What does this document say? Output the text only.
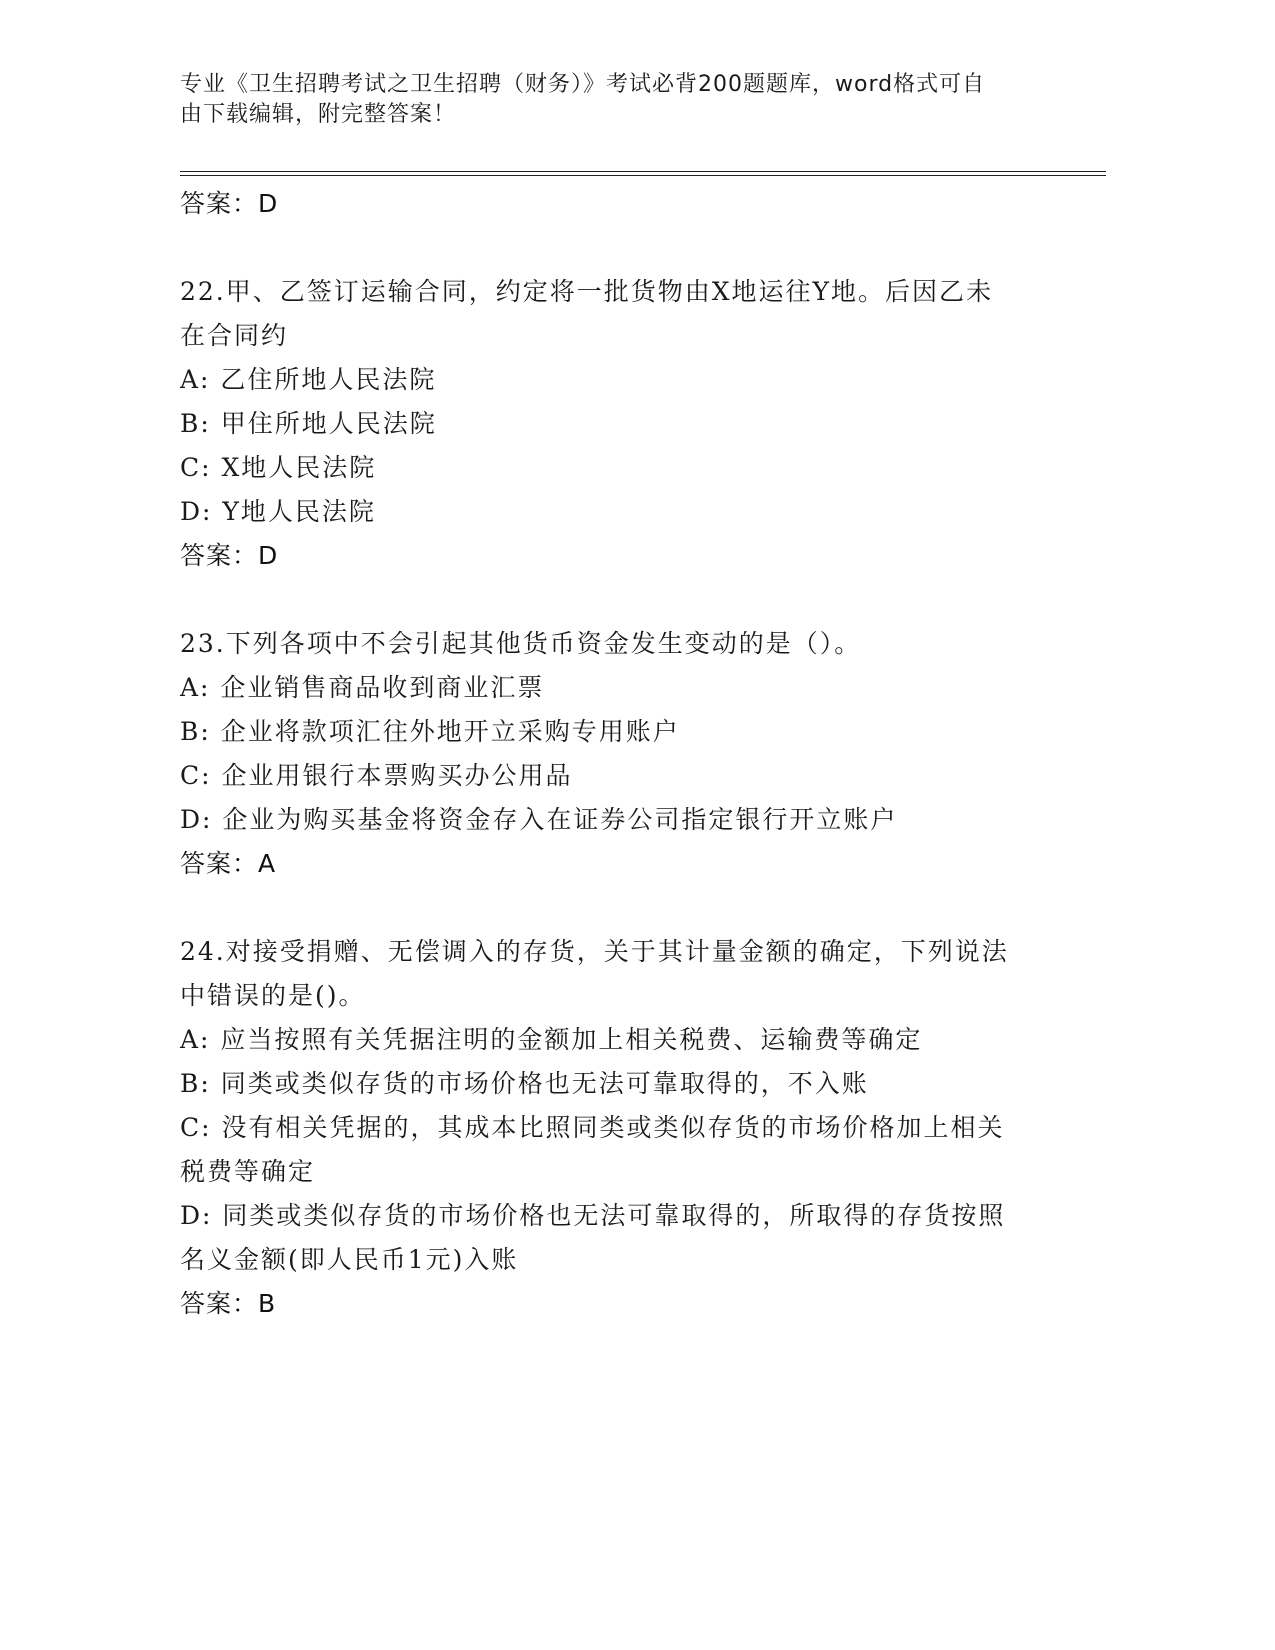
专业《卫生招聘考试之卫生招聘（财务）》考试必背200题题库，word格式可自
由下载编辑，附完整答案！
答案：D
22.甲、乙签订运输合同，约定将一批货物由X地运往Y地。后因乙未
在合同约
A: 乙住所地人民法院
B: 甲住所地人民法院
C: X地人民法院
D: Y地人民法院
答案：D
23.下列各项中不会引起其他货币资金发生变动的是（）。
A: 企业销售商品收到商业汇票
B: 企业将款项汇往外地开立采购专用账户
C: 企业用银行本票购买办公用品
D: 企业为购买基金将资金存入在证券公司指定银行开立账户
答案：A
24.对接受捐赠、无偿调入的存货，关于其计量金额的确定，下列说法
中错误的是()。
A: 应当按照有关凭据注明的金额加上相关税费、运输费等确定
B: 同类或类似存货的市场价格也无法可靠取得的，不入账
C: 没有相关凭据的，其成本比照同类或类似存货的市场价格加上相关
税费等确定
D: 同类或类似存货的市场价格也无法可靠取得的，所取得的存货按照
名义金额(即人民币1元)入账
答案：B
